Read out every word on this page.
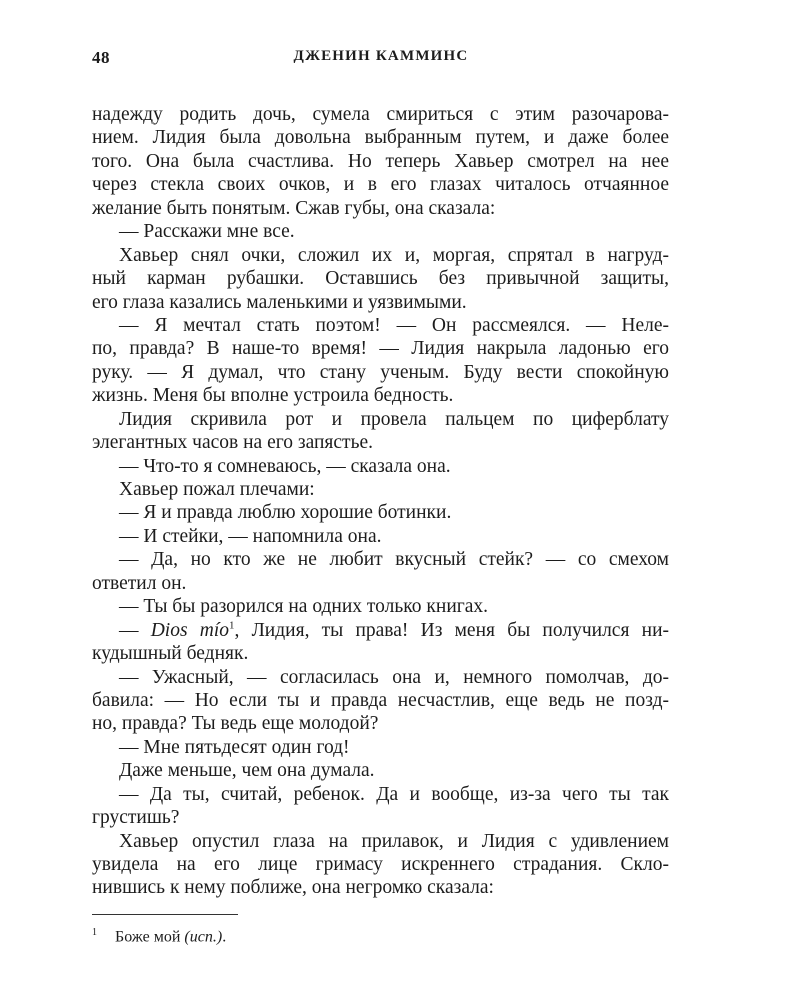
48	ДЖЕНИН КАММИНС
надежду родить дочь, сумела смириться с этим разочарова-
нием. Лидия была довольна выбранным путем, и даже более
того. Она была счастлива. Но теперь Хавьер смотрел на нее
через стекла своих очков, и в его глазах читалось отчаянное
желание быть понятым. Сжав губы, она сказала:
— Расскажи мне все.
Хавьер снял очки, сложил их и, моргая, спрятал в нагруд-
ный карман рубашки. Оставшись без привычной защиты,
его глаза казались маленькими и уязвимыми.
— Я мечтал стать поэтом! — Он рассмеялся. — Неле-
по, правда? В наше-то время! — Лидия накрыла ладонью его
руку. — Я думал, что стану ученым. Буду вести спокойную
жизнь. Меня бы вполне устроила бедность.
Лидия скривила рот и провела пальцем по циферблату
элегантных часов на его запястье.
— Что-то я сомневаюсь, — сказала она.
Хавьер пожал плечами:
— Я и правда люблю хорошие ботинки.
— И стейки, — напомнила она.
— Да, но кто же не любит вкусный стейк? — со смехом
ответил он.
— Ты бы разорился на одних только книгах.
— Dios mío$^1$, Лидия, ты права! Из меня бы получился ни-
кудышный бедняк.
— Ужасный, — согласилась она и, немного помолчав, до-
бавила: — Но если ты и правда несчастлив, еще ведь не позд-
но, правда? Ты ведь еще молодой?
— Мне пятьдесят один год!
Даже меньше, чем она думала.
— Да ты, считай, ребенок. Да и вообще, из-за чего ты так
грустишь?
Хавьер опустил глаза на прилавок, и Лидия с удивлением
увидела на его лице гримасу искреннего страдания. Скло-
нившись к нему поближе, она негромко сказала:
$^1$ Боже мой (исп.).
